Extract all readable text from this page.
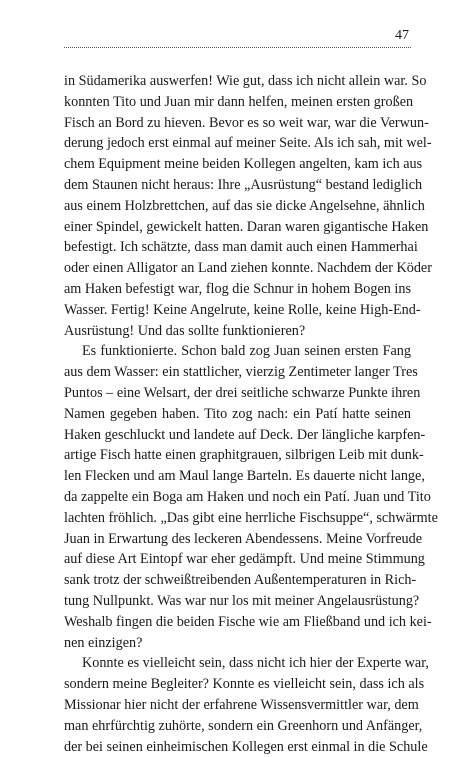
47
in Südamerika auswerfen! Wie gut, dass ich nicht allein war. So
konnten Tito und Juan mir dann helfen, meinen ersten großen
Fisch an Bord zu hieven. Bevor es so weit war, war die Verwun-
derung jedoch erst einmal auf meiner Seite. Als ich sah, mit wel-
chem Equipment meine beiden Kollegen angelten, kam ich aus
dem Staunen nicht heraus: Ihre „Ausrüstung“ bestand lediglich
aus einem Holzbrettchen, auf das sie dicke Angelsehne, ähnlich
einer Spindel, gewickelt hatten. Daran waren gigantische Haken
befestigt. Ich schätzte, dass man damit auch einen Hammerhai
oder einen Alligator an Land ziehen konnte. Nachdem der Köder
am Haken befestigt war, flog die Schnur in hohem Bogen ins
Wasser. Fertig! Keine Angelrute, keine Rolle, keine High-End-
Ausrüstung! Und das sollte funktionieren?
Es funktionierte. Schon bald zog Juan seinen ersten Fang
aus dem Wasser: ein stattlicher, vierzig Zentimeter langer Tres
Puntos – eine Welsart, der drei seitliche schwarze Punkte ihren
Namen gegeben haben. Tito zog nach: ein Patí hatte seinen
Haken geschluckt und landete auf Deck. Der längliche karpfen-
artige Fisch hatte einen graphitgrauen, silbrigen Leib mit dunk-
len Flecken und am Maul lange Barteln. Es dauerte nicht lange,
da zappelte ein Boga am Haken und noch ein Patí. Juan und Tito
lachten fröhlich. „Das gibt eine herrliche Fischsuppe“, schwärmte
Juan in Erwartung des leckeren Abendessens. Meine Vorfreude
auf diese Art Eintopf war eher gedämpft. Und meine Stimmung
sank trotz der schweißtreibenden Außentemperaturen in Rich-
tung Nullpunkt. Was war nur los mit meiner Angelausrüstung?
Weshalb fingen die beiden Fische wie am Fließband und ich kei-
nen einzigen?
Konnte es vielleicht sein, dass nicht ich hier der Experte war,
sondern meine Begleiter? Konnte es vielleicht sein, dass ich als
Missionar hier nicht der erfahrene Wissensvermittler war, dem
man ehrfürchtig zuhörte, sondern ein Greenhorn und Anfänger,
der bei seinen einheimischen Kollegen erst einmal in die Schule
